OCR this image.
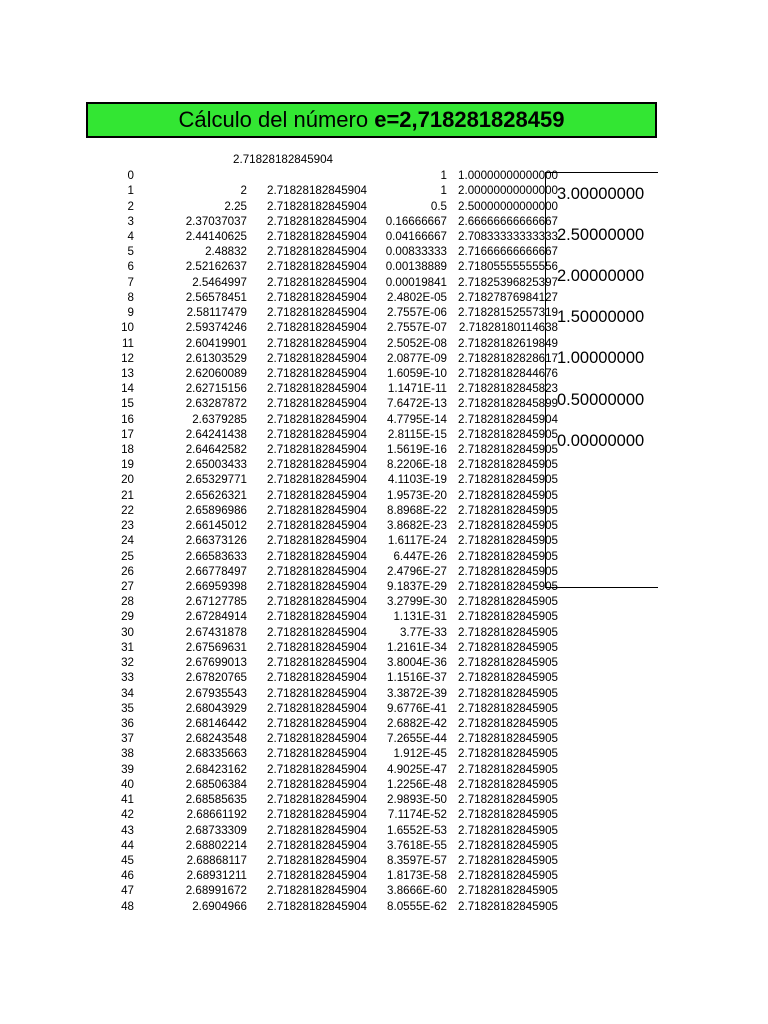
Cálculo del número e=2,718281828459
2.71828182845904
0			1	1.00000000000000
1	2	2.71828182845904	1	2.00000000000000
2	2.25	2.71828182845904	0.5	2.50000000000000
3	2.37037037	2.71828182845904	0.16666667	2.66666666666667
4	2.44140625	2.71828182845904	0.04166667	2.70833333333333
5	2.48832	2.71828182845904	0.00833333	2.71666666666667
6	2.52162637	2.71828182845904	0.00138889	2.71805555555556
7	2.5464997	2.71828182845904	0.00019841	2.71825396825397
8	2.56578451	2.71828182845904	2.4802E-05	2.71827876984127
9	2.58117479	2.71828182845904	2.7557E-06	2.71828152557319
10	2.59374246	2.71828182845904	2.7557E-07	2.71828180114638
11	2.60419901	2.71828182845904	2.5052E-08	2.71828182619849
12	2.61303529	2.71828182845904	2.0877E-09	2.71828182828617
13	2.62060089	2.71828182845904	1.6059E-10	2.71828182844676
14	2.62715156	2.71828182845904	1.1471E-11	2.71828182845823
15	2.63287872	2.71828182845904	7.6472E-13	2.71828182845899
16	2.6379285	2.71828182845904	4.7795E-14	2.71828182845904
17	2.64241438	2.71828182845904	2.8115E-15	2.71828182845905
18	2.64642582	2.71828182845904	1.5619E-16	2.71828182845905
19	2.65003433	2.71828182845904	8.2206E-18	2.71828182845905
20	2.65329771	2.71828182845904	4.1103E-19	2.71828182845905
21	2.65626321	2.71828182845904	1.9573E-20	2.71828182845905
22	2.65896986	2.71828182845904	8.8968E-22	2.71828182845905
23	2.66145012	2.71828182845904	3.8682E-23	2.71828182845905
24	2.66373126	2.71828182845904	1.6117E-24	2.71828182845905
25	2.66583633	2.71828182845904	6.447E-26	2.71828182845905
26	2.66778497	2.71828182845904	2.4796E-27	2.71828182845905
27	2.66959398	2.71828182845904	9.1837E-29	2.71828182845905
28	2.67127785	2.71828182845904	3.2799E-30	2.71828182845905
29	2.67284914	2.71828182845904	1.131E-31	2.71828182845905
30	2.67431878	2.71828182845904	3.77E-33	2.71828182845905
31	2.67569631	2.71828182845904	1.2161E-34	2.71828182845905
32	2.67699013	2.71828182845904	3.8004E-36	2.71828182845905
33	2.67820765	2.71828182845904	1.1516E-37	2.71828182845905
34	2.67935543	2.71828182845904	3.3872E-39	2.71828182845905
35	2.68043929	2.71828182845904	9.6776E-41	2.71828182845905
36	2.68146442	2.71828182845904	2.6882E-42	2.71828182845905
37	2.68243548	2.71828182845904	7.2655E-44	2.71828182845905
38	2.68335663	2.71828182845904	1.912E-45	2.71828182845905
39	2.68423162	2.71828182845904	4.9025E-47	2.71828182845905
40	2.68506384	2.71828182845904	1.2256E-48	2.71828182845905
41	2.68585635	2.71828182845904	2.9893E-50	2.71828182845905
42	2.68661192	2.71828182845904	7.1174E-52	2.71828182845905
43	2.68733309	2.71828182845904	1.6552E-53	2.71828182845905
44	2.68802214	2.71828182845904	3.7618E-55	2.71828182845905
45	2.68868117	2.71828182845904	8.3597E-57	2.71828182845905
46	2.68931211	2.71828182845904	1.8173E-58	2.71828182845905
47	2.68991672	2.71828182845904	3.8666E-60	2.71828182845905
48	2.6904966	2.71828182845904	8.0555E-62	2.71828182845905
3.00000000
2.50000000
2.00000000
1.50000000
1.00000000
0.50000000
0.00000000
